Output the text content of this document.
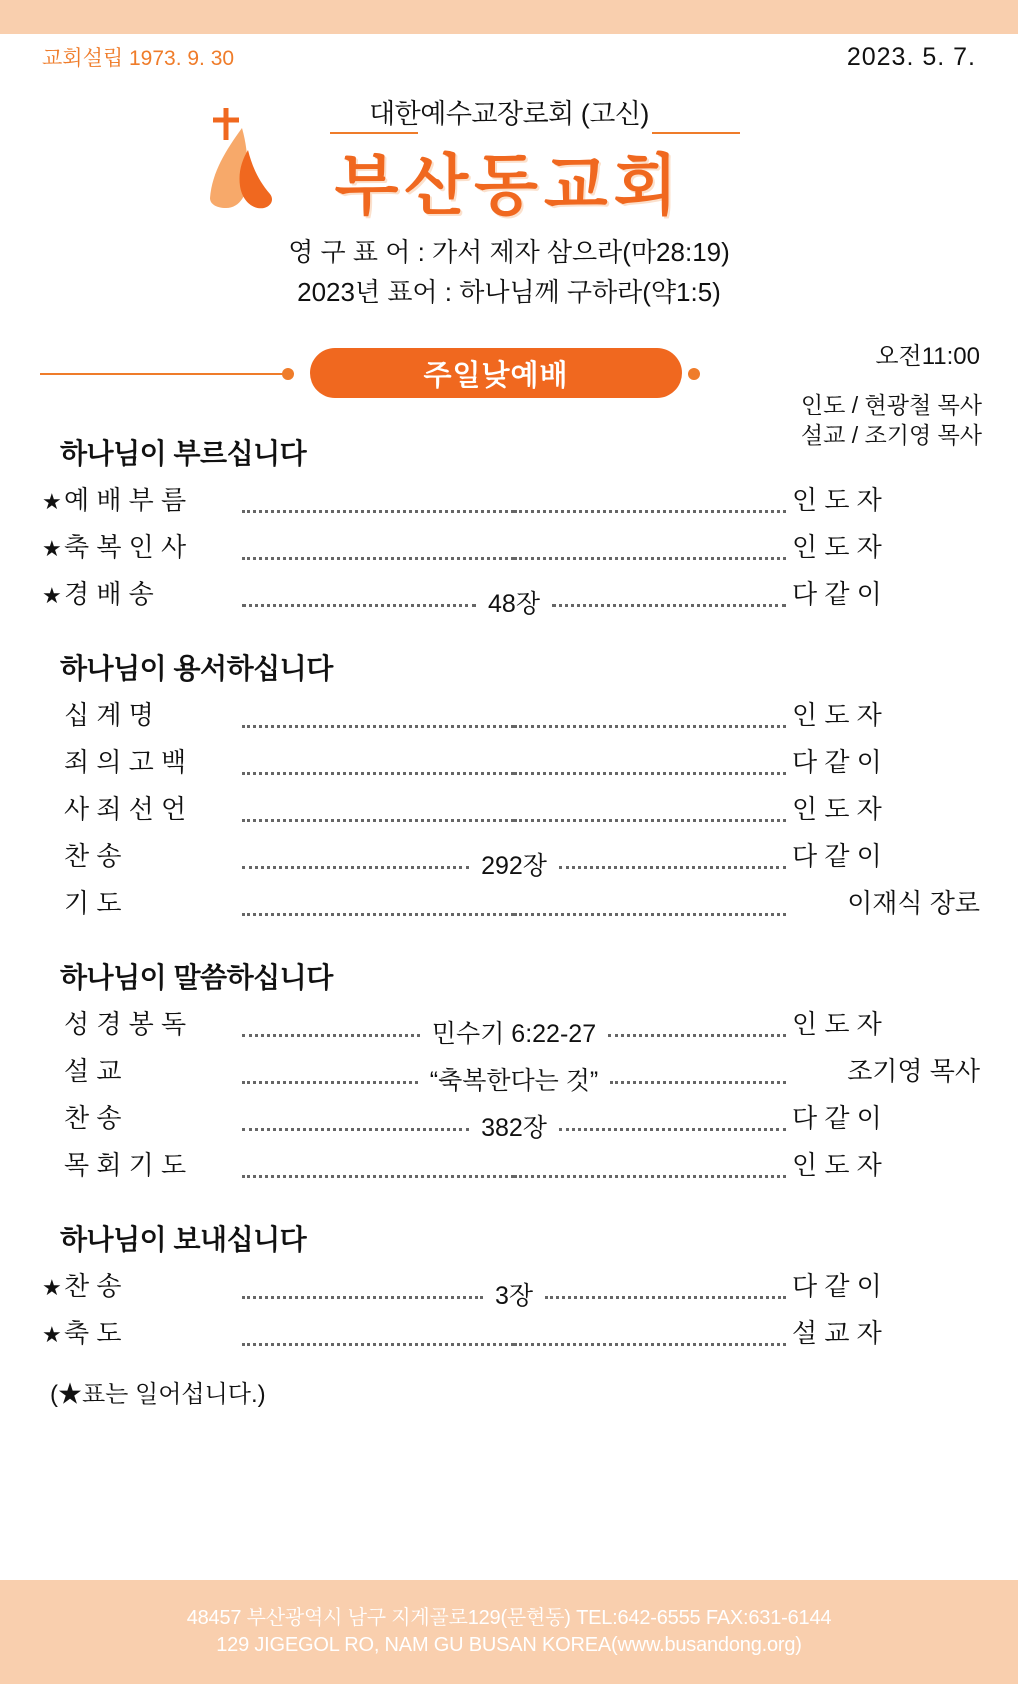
교회설립 1973. 9. 30	2023. 5. 7.
대한예수교장로회 (고신)
부산동교회
영 구 표 어 : 가서 제자 삼으라(마28:19)
2023년 표어 : 하나님께 구하라(약1:5)
주일낮예배
오전11:00
인도 / 현광철 목사
설교 / 조기영 목사
하나님이 부르십니다
★ 예 배 부 름	인 도 자
★ 축 복 인 사	인 도 자
★ 경 배 송	48장	다 같 이
하나님이 용서하십니다
십 계 명	인 도 자
죄 의 고 백	다 같 이
사 죄 선 언	인 도 자
찬 송	292장	다 같 이
기 도	이재식 장로
하나님이 말씀하십니다
성 경 봉 독	민수기 6:22-27	인 도 자
설 교	“축복한다는 것”	조기영 목사
찬 송	382장	다 같 이
목 회 기 도	인 도 자
하나님이 보내십니다
★ 찬 송	3장	다 같 이
★ 축 도	설 교 자
(★표는 일어섭니다.)
48457 부산광역시 남구 지게골로129(문현동) TEL:642-6555 FAX:631-6144
129 JIGEGOL RO, NAM GU BUSAN KOREA(www.busandong.org)
